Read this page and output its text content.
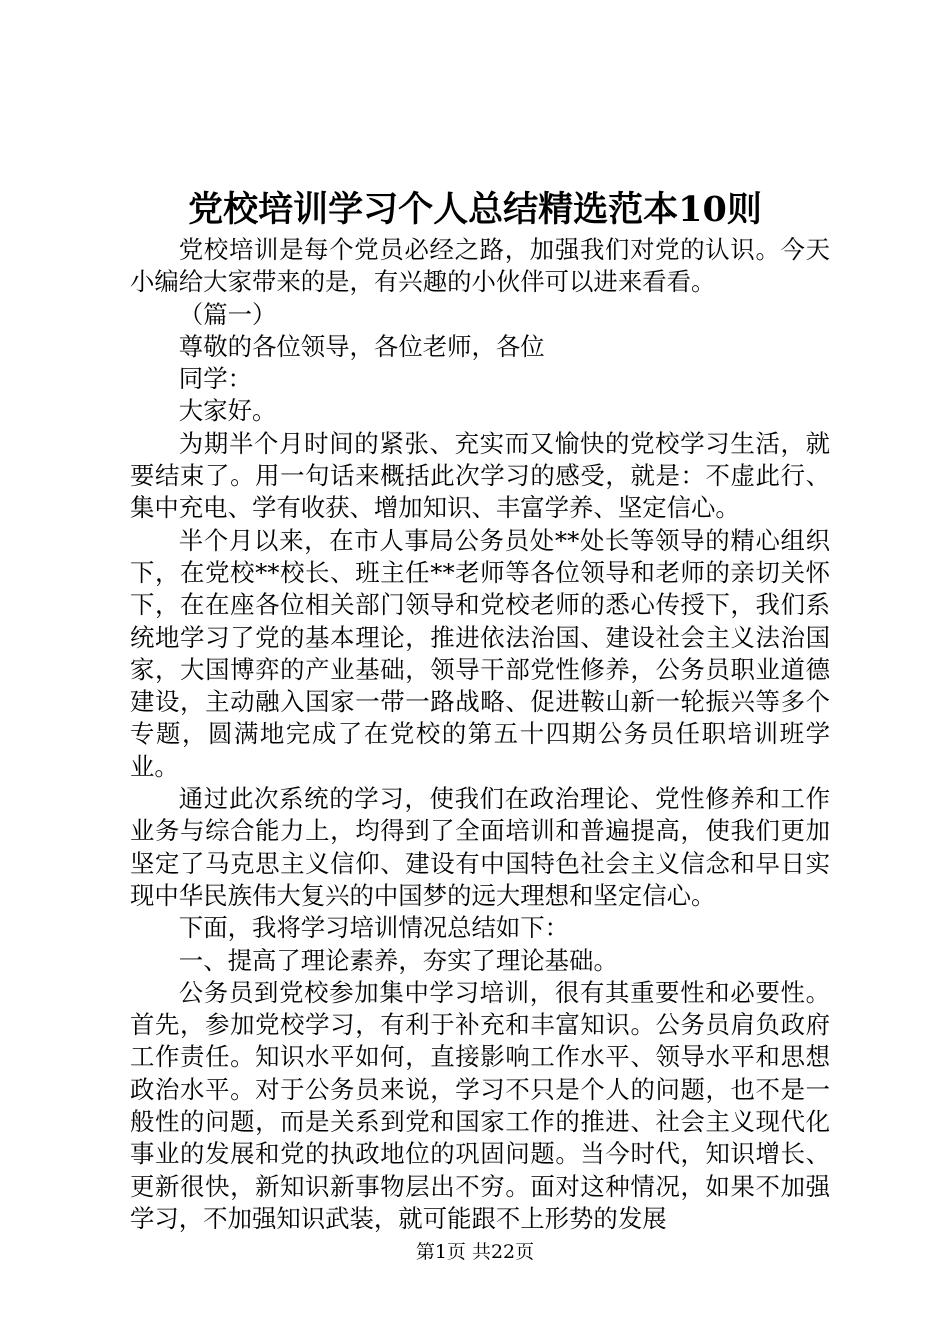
党校培训学习个人总结精选范本10则

党校培训是每个党员必经之路，加强我们对党的认识。今天小编给大家带来的是，有兴趣的小伙伴可以进来看看。

（篇一）

尊敬的各位领导，各位老师，各位

同学：

大家好。

为期半个月时间的紧张、充实而又愉快的党校学习生活，就要结束了。用一句话来概括此次学习的感受，就是：不虚此行、集中充电、学有收获、增加知识、丰富学养、坚定信心。

半个月以来，在市人事局公务员处**处长等领导的精心组织下，在党校**校长、班主任**老师等各位领导和老师的亲切关怀下，在在座各位相关部门领导和党校老师的悉心传授下，我们系统地学习了党的基本理论，推进依法治国、建设社会主义法治国家，大国博弈的产业基础，领导干部党性修养，公务员职业道德建设，主动融入国家一带一路战略、促进鞍山新一轮振兴等多个专题，圆满地完成了在党校的第五十四期公务员任职培训班学业。

通过此次系统的学习，使我们在政治理论、党性修养和工作业务与综合能力上，均得到了全面培训和普遍提高，使我们更加坚定了马克思主义信仰、建设有中国特色社会主义信念和早日实现中华民族伟大复兴的中国梦的远大理想和坚定信心。

下面，我将学习培训情况总结如下：

一、提高了理论素养，夯实了理论基础。

公务员到党校参加集中学习培训，很有其重要性和必要性。首先，参加党校学习，有利于补充和丰富知识。公务员肩负政府工作责任。知识水平如何，直接影响工作水平、领导水平和思想政治水平。对于公务员来说，学习不只是个人的问题，也不是一般性的问题，而是关系到党和国家工作的推进、社会主义现代化事业的发展和党的执政地位的巩固问题。当今时代，知识增长、更新很快，新知识新事物层出不穷。面对这种情况，如果不加强学习，不加强知识武装，就可能跟不上形势的发展

第1页 共22页
